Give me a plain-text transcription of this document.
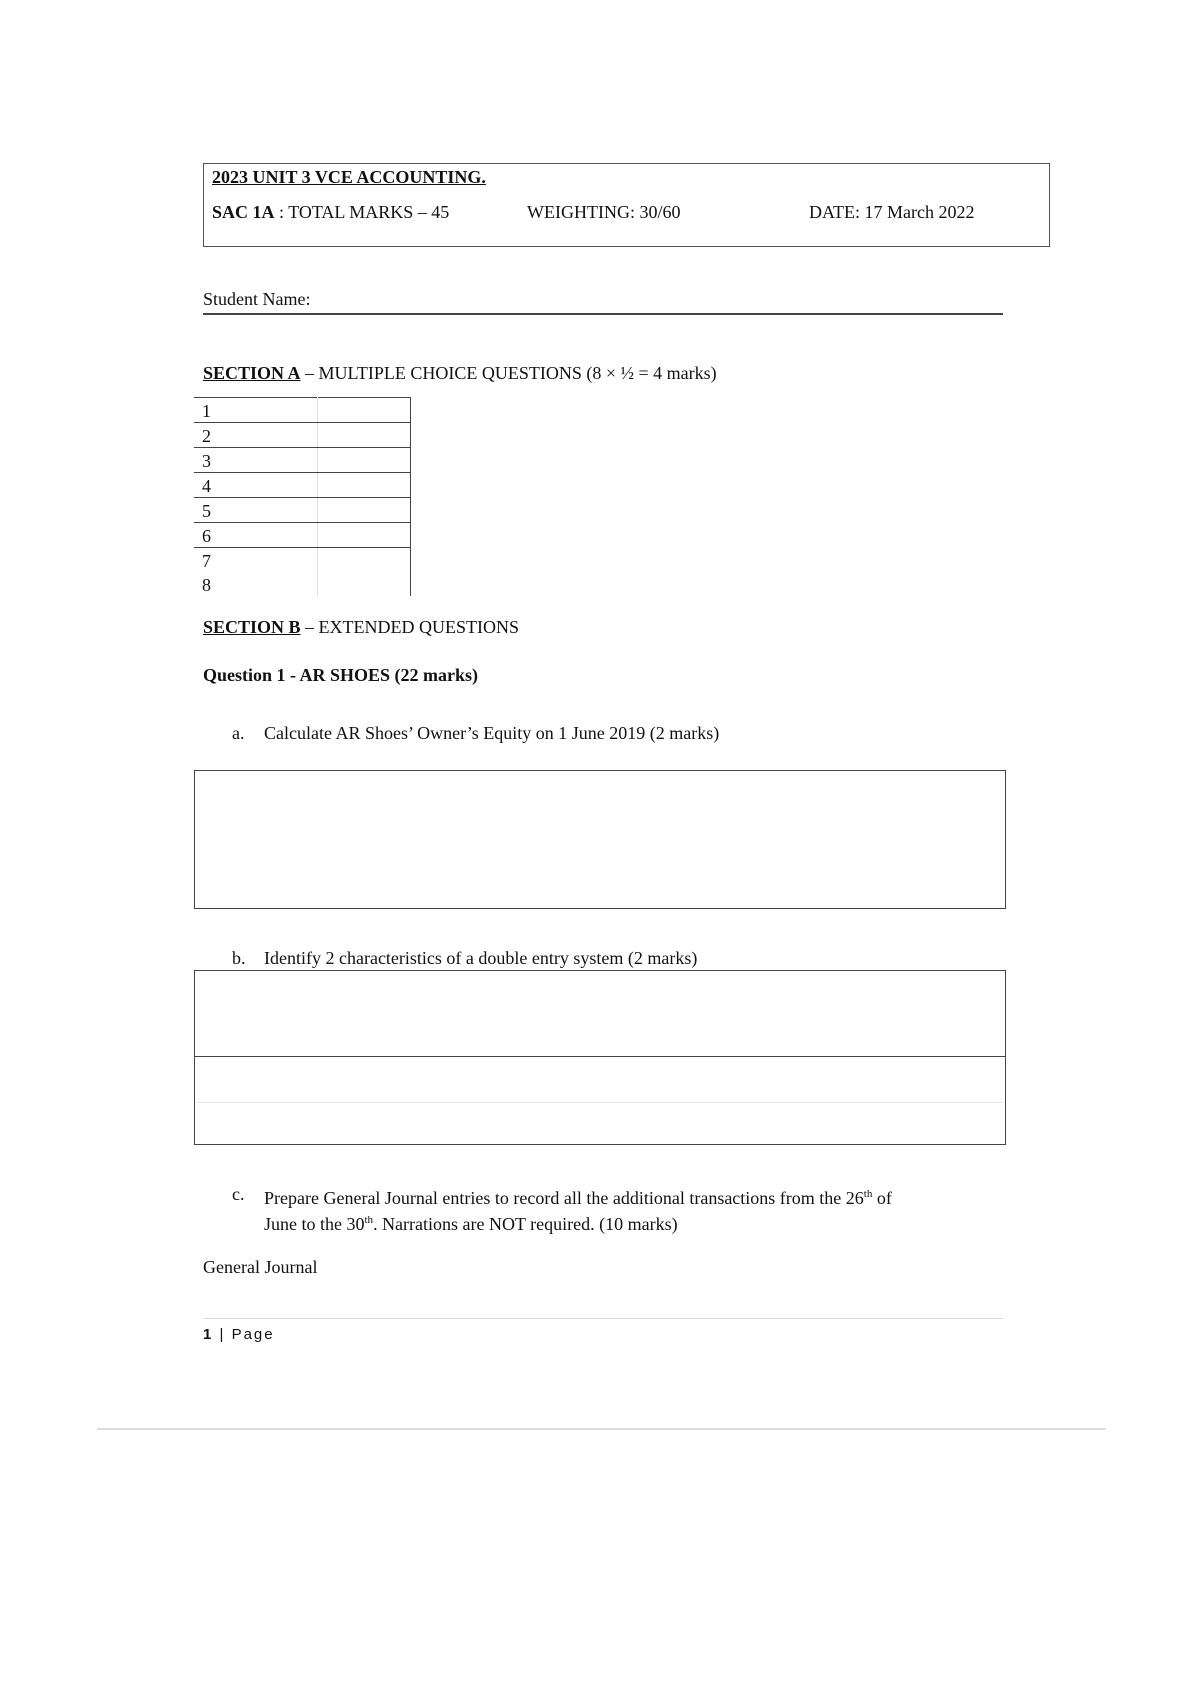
2023 UNIT 3 VCE ACCOUNTING.
SAC 1A : TOTAL MARKS – 45	WEIGHTING: 30/60	DATE: 17 March 2022
Student Name:
SECTION A – MULTIPLE CHOICE QUESTIONS (8 × ½ = 4 marks)
1	
2	
3	
4	
5	
6	
7	
8	
SECTION B – EXTENDED QUESTIONS
Question 1 - AR SHOES (22 marks)
a. Calculate AR Shoes’ Owner’s Equity on 1 June 2019 (2 marks)
b. Identify 2 characteristics of a double entry system (2 marks)
c. Prepare General Journal entries to record all the additional transactions from the 26th of
June to the 30th. Narrations are NOT required. (10 marks)
General Journal
1 | Page
